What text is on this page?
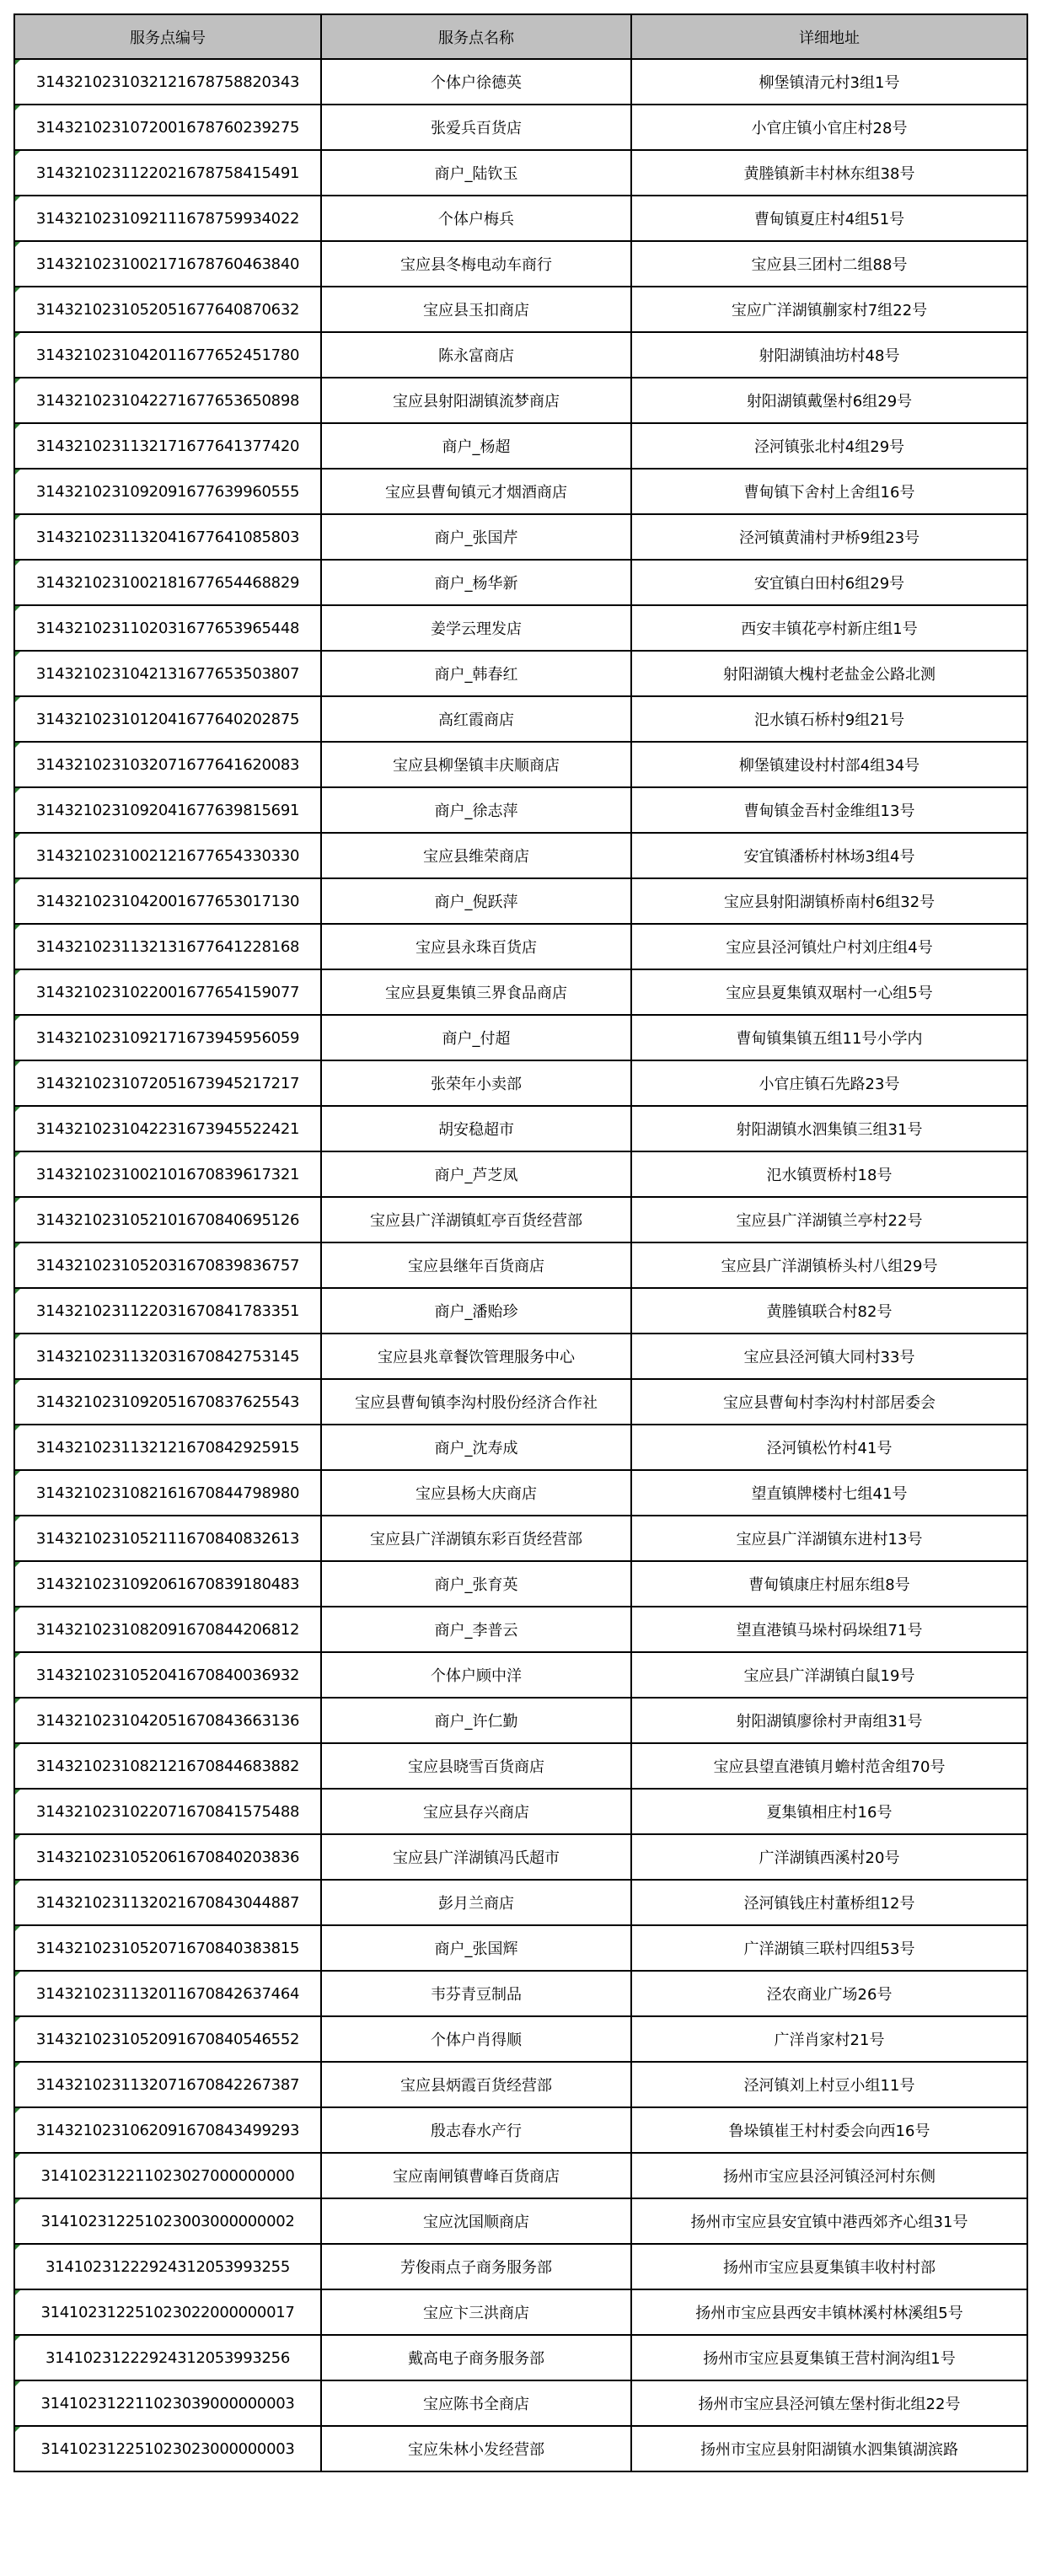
服务点编号	服务点名称	详细地址
3143210231032121678758820343	个体户徐德英	柳堡镇清元村3组1号
3143210231072001678760239275	张爱兵百货店	小官庄镇小官庄村28号
3143210231122021678758415491	商户_陆钦玉	黄塍镇新丰村林东组38号
3143210231092111678759934022	个体户梅兵	曹甸镇夏庄村4组51号
3143210231002171678760463840	宝应县冬梅电动车商行	宝应县三团村二组88号
3143210231052051677640870632	宝应县玉扣商店	宝应广洋湖镇蒯家村7组22号
3143210231042011677652451780	陈永富商店	射阳湖镇油坊村48号
3143210231042271677653650898	宝应县射阳湖镇流梦商店	射阳湖镇戴堡村6组29号
3143210231132171677641377420	商户_杨超	泾河镇张北村4组29号
3143210231092091677639960555	宝应县曹甸镇元才烟酒商店	曹甸镇下舍村上舍组16号
3143210231132041677641085803	商户_张国芹	泾河镇黄浦村尹桥9组23号
3143210231002181677654468829	商户_杨华新	安宜镇白田村6组29号
3143210231102031677653965448	姜学云理发店	西安丰镇花亭村新庄组1号
3143210231042131677653503807	商户_韩春红	射阳湖镇大槐村老盐金公路北测
3143210231012041677640202875	高红霞商店	氾水镇石桥村9组21号
3143210231032071677641620083	宝应县柳堡镇丰庆顺商店	柳堡镇建设村村部4组34号
3143210231092041677639815691	商户_徐志萍	曹甸镇金吾村金维组13号
3143210231002121677654330330	宝应县维荣商店	安宜镇潘桥村林场3组4号
3143210231042001677653017130	商户_倪跃萍	宝应县射阳湖镇桥南村6组32号
3143210231132131677641228168	宝应县永珠百货店	宝应县泾河镇灶户村刘庄组4号
3143210231022001677654159077	宝应县夏集镇三界食品商店	宝应县夏集镇双琚村一心组5号
3143210231092171673945956059	商户_付超	曹甸镇集镇五组11号小学内
3143210231072051673945217217	张荣年小卖部	小官庄镇石先路23号
3143210231042231673945522421	胡安稳超市	射阳湖镇水泗集镇三组31号
3143210231002101670839617321	商户_芦芝凤	氾水镇贾桥村18号
3143210231052101670840695126	宝应县广洋湖镇虹亭百货经营部	宝应县广洋湖镇兰亭村22号
3143210231052031670839836757	宝应县继年百货商店	宝应县广洋湖镇桥头村八组29号
3143210231122031670841783351	商户_潘贻珍	黄塍镇联合村82号
3143210231132031670842753145	宝应县兆章餐饮管理服务中心	宝应县泾河镇大同村33号
3143210231092051670837625543	宝应县曹甸镇李沟村股份经济合作社	宝应县曹甸村李沟村村部居委会
3143210231132121670842925915	商户_沈寿成	泾河镇松竹村41号
3143210231082161670844798980	宝应县杨大庆商店	望直镇牌楼村七组41号
3143210231052111670840832613	宝应县广洋湖镇东彩百货经营部	宝应县广洋湖镇东进村13号
3143210231092061670839180483	商户_张育英	曹甸镇康庄村屈东组8号
3143210231082091670844206812	商户_李普云	望直港镇马垛村码垛组71号
3143210231052041670840036932	个体户顾中洋	宝应县广洋湖镇白鼠19号
3143210231042051670843663136	商户_许仁勤	射阳湖镇廖徐村尹南组31号
3143210231082121670844683882	宝应县晓雪百货商店	宝应县望直港镇月蟾村范舍组70号
3143210231022071670841575488	宝应县存兴商店	夏集镇相庄村16号
3143210231052061670840203836	宝应县广洋湖镇冯氏超市	广洋湖镇西溪村20号
3143210231132021670843044887	彭月兰商店	泾河镇钱庄村董桥组12号
3143210231052071670840383815	商户_张国辉	广洋湖镇三联村四组53号
3143210231132011670842637464	韦芬青豆制品	泾农商业广场26号
3143210231052091670840546552	个体户肖得顺	广洋肖家村21号
3143210231132071670842267387	宝应县炳霞百货经营部	泾河镇刘上村豆小组11号
3143210231062091670843499293	殷志春水产行	鲁垛镇崔王村村委会向西16号
314102312211023027000000000	宝应南闸镇曹峰百货商店	扬州市宝应县泾河镇泾河村东侧
314102312251023003000000002	宝应沈国顺商店	扬州市宝应县安宜镇中港西郊齐心组31号
31410231222924312053993255	芳俊雨点子商务服务部	扬州市宝应县夏集镇丰收村村部
314102312251023022000000017	宝应卞三洪商店	扬州市宝应县西安丰镇林溪村林溪组5号
31410231222924312053993256	戴高电子商务服务部	扬州市宝应县夏集镇王营村涧沟组1号
314102312211023039000000003	宝应陈书全商店	扬州市宝应县泾河镇左堡村街北组22号
314102312251023023000000003	宝应朱林小发经营部	扬州市宝应县射阳湖镇水泗集镇湖滨路
